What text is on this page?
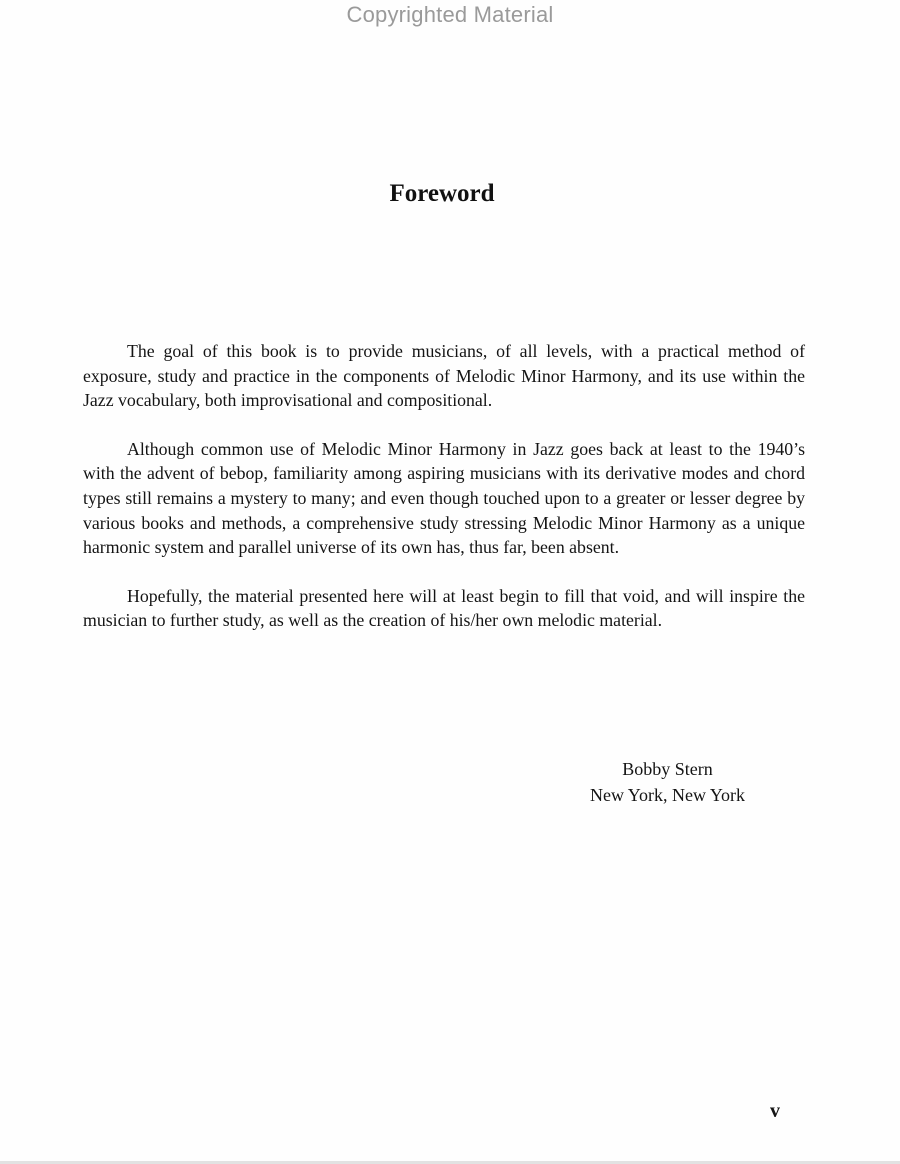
Copyrighted Material
Foreword

The goal of this book is to provide musicians, of all levels, with a practical method of exposure, study and practice in the components of Melodic Minor Harmony, and its use within the Jazz vocabulary, both improvisational and compositional.

Although common use of Melodic Minor Harmony in Jazz goes back at least to the 1940’s with the advent of bebop, familiarity among aspiring musicians with its derivative modes and chord types still remains a mystery to many; and even though touched upon to a greater or lesser degree by various books and methods, a comprehensive study stressing Melodic Minor Harmony as a unique harmonic system and parallel universe of its own has, thus far, been absent.

Hopefully, the material presented here will at least begin to fill that void, and will inspire the musician to further study, as well as the creation of his/her own melodic material.

Bobby Stern
New York, New York
v
